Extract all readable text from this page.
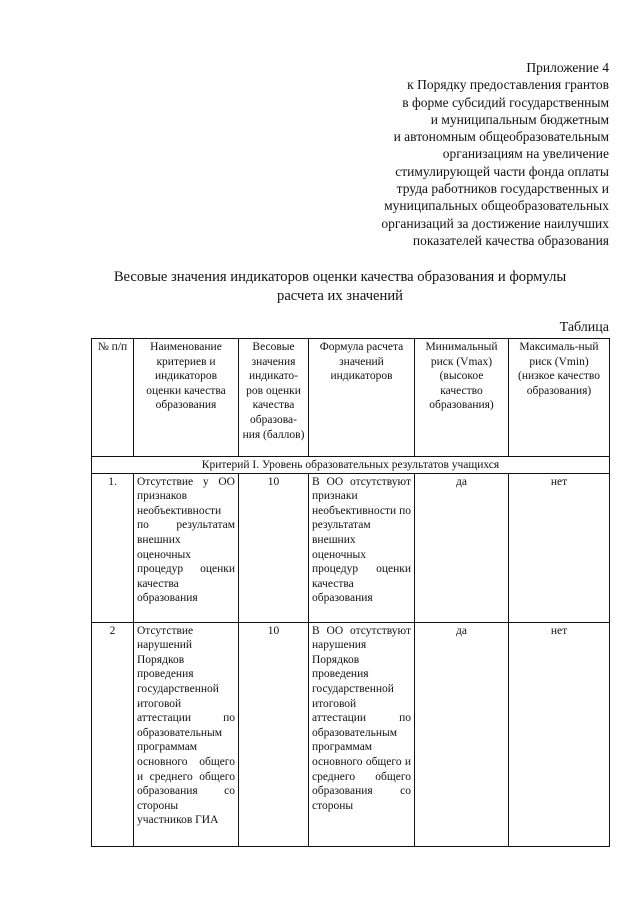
Приложение 4
к Порядку предоставления грантов
в форме субсидий государственным
и муниципальным бюджетным
и автономным общеобразовательным
организациям на увеличение
стимулирующей части фонда оплаты
труда работников государственных и
муниципальных общеобразовательных
организаций за достижение наилучших
показателей качества образования
Весовые значения индикаторов оценки качества образования и формулы
расчета их значений
Таблица
№ п/п	Наименование критериев и индикаторов оценки качества образования	Весовые значения индикато-ров оценки качества образова-ния (баллов)	Формула расчета значений индикаторов	Минимальный риск (Vmax) (высокое качество образования)	Максималь-ный риск (Vmin) (низкое качество образования)
Критерий I. Уровень образовательных результатов учащихся					
1.	Отсутствие у ОО признаков необъективности по результатам внешних оценочных процедур оценки качества образования	10	В ОО отсутствуют признаки необъективности по результатам внешних оценочных процедур оценки качества образования	да	нет
2	Отсутствие нарушений Порядков проведения государственной итоговой аттестации по образовательным программам основного общего и среднего общего образования со стороны участников ГИА	10	В ОО отсутствуют нарушения Порядков проведения государственной итоговой аттестации по образовательным программам основного общего и среднего общего образования со стороны	да	нет
